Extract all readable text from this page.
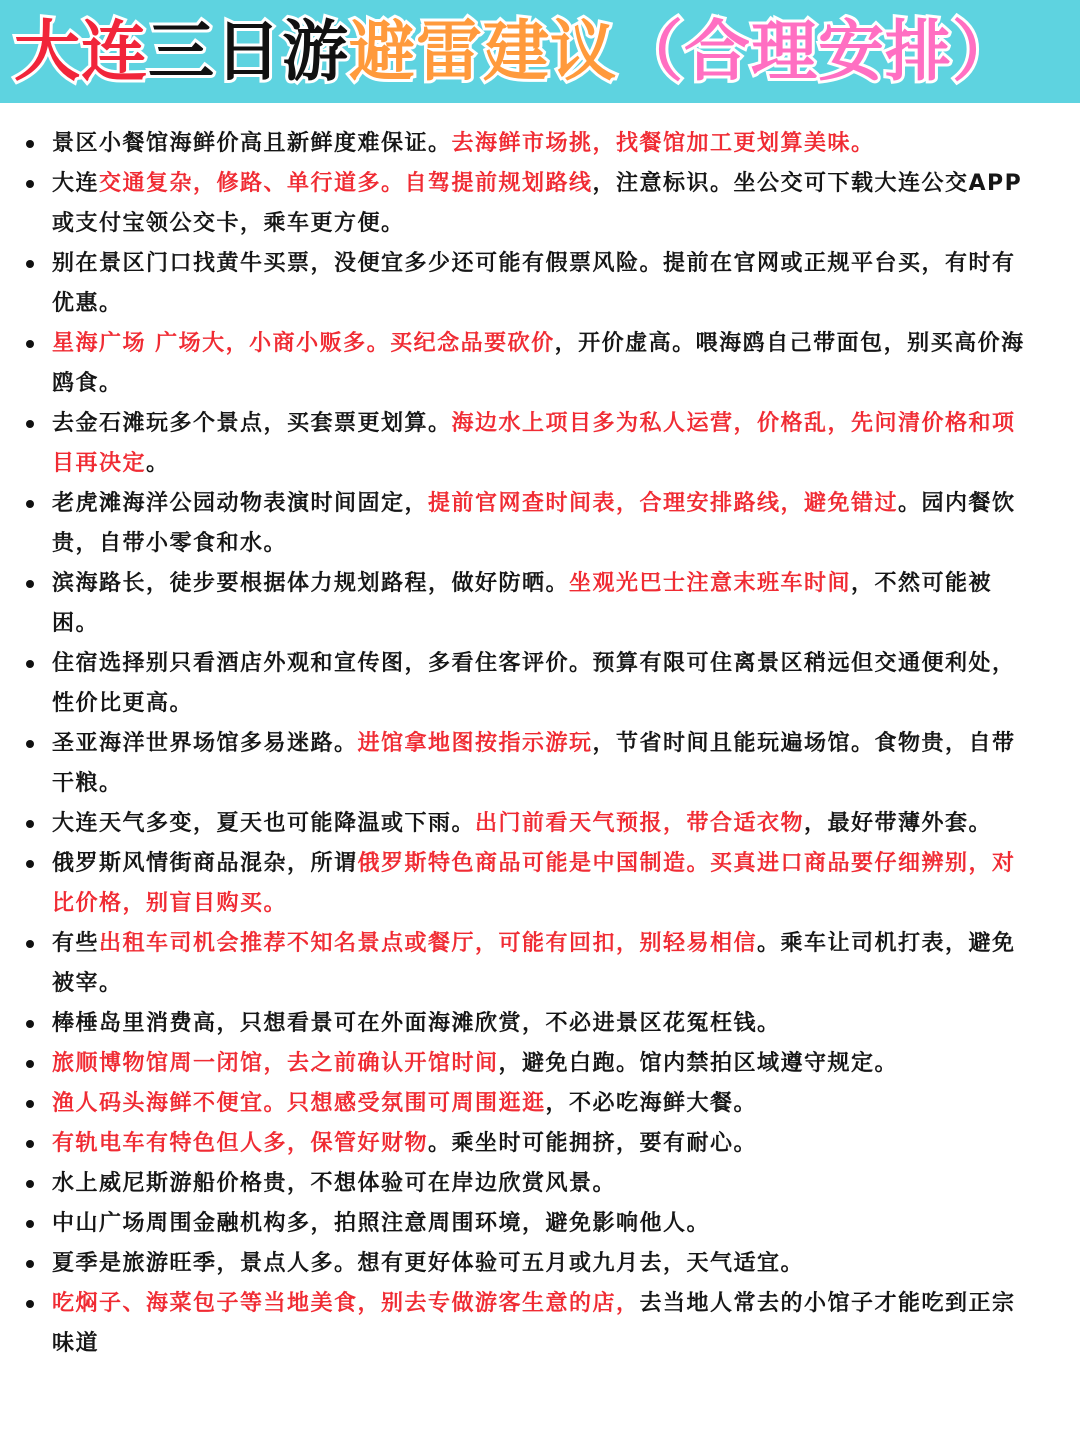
大连三日游避雷建议（合理安排）
景区小餐馆海鲜价高且新鲜度难保证。去海鲜市场挑，找餐馆加工更划算美味。
大连交通复杂，修路、单行道多。自驾提前规划路线，注意标识。坐公交可下载大连公交APP或支付宝领公交卡，乘车更方便。
别在景区门口找黄牛买票，没便宜多少还可能有假票风险。提前在官网或正规平台买，有时有优惠。
星海广场 广场大，小商小贩多。买纪念品要砍价，开价虚高。喂海鸥自己带面包，别买高价海鸥食。
去金石滩玩多个景点，买套票更划算。海边水上项目多为私人运营，价格乱，先问清价格和项目再决定。
老虎滩海洋公园动物表演时间固定，提前官网查时间表，合理安排路线，避免错过。园内餐饮贵，自带小零食和水。
滨海路长，徒步要根据体力规划路程，做好防晒。坐观光巴士注意末班车时间，不然可能被困。
住宿选择别只看酒店外观和宣传图，多看住客评价。预算有限可住离景区稍远但交通便利处，性价比更高。
圣亚海洋世界场馆多易迷路。进馆拿地图按指示游玩，节省时间且能玩遍场馆。食物贵，自带干粮。
大连天气多变，夏天也可能降温或下雨。出门前看天气预报，带合适衣物，最好带薄外套。
俄罗斯风情街商品混杂，所谓俄罗斯特色商品可能是中国制造。买真进口商品要仔细辨别，对比价格，别盲目购买。
有些出租车司机会推荐不知名景点或餐厅，可能有回扣，别轻易相信。乘车让司机打表，避免被宰。
棒棰岛里消费高，只想看景可在外面海滩欣赏，不必进景区花冤枉钱。
旅顺博物馆周一闭馆，去之前确认开馆时间，避免白跑。馆内禁拍区域遵守规定。
渔人码头海鲜不便宜。只想感受氛围可周围逛逛，不必吃海鲜大餐。
有轨电车有特色但人多，保管好财物。乘坐时可能拥挤，要有耐心。
水上威尼斯游船价格贵，不想体验可在岸边欣赏风景。
中山广场周围金融机构多，拍照注意周围环境，避免影响他人。
夏季是旅游旺季，景点人多。想有更好体验可五月或九月去，天气适宜。
吃焖子、海菜包子等当地美食，别去专做游客生意的店，去当地人常去的小馆子才能吃到正宗味道
